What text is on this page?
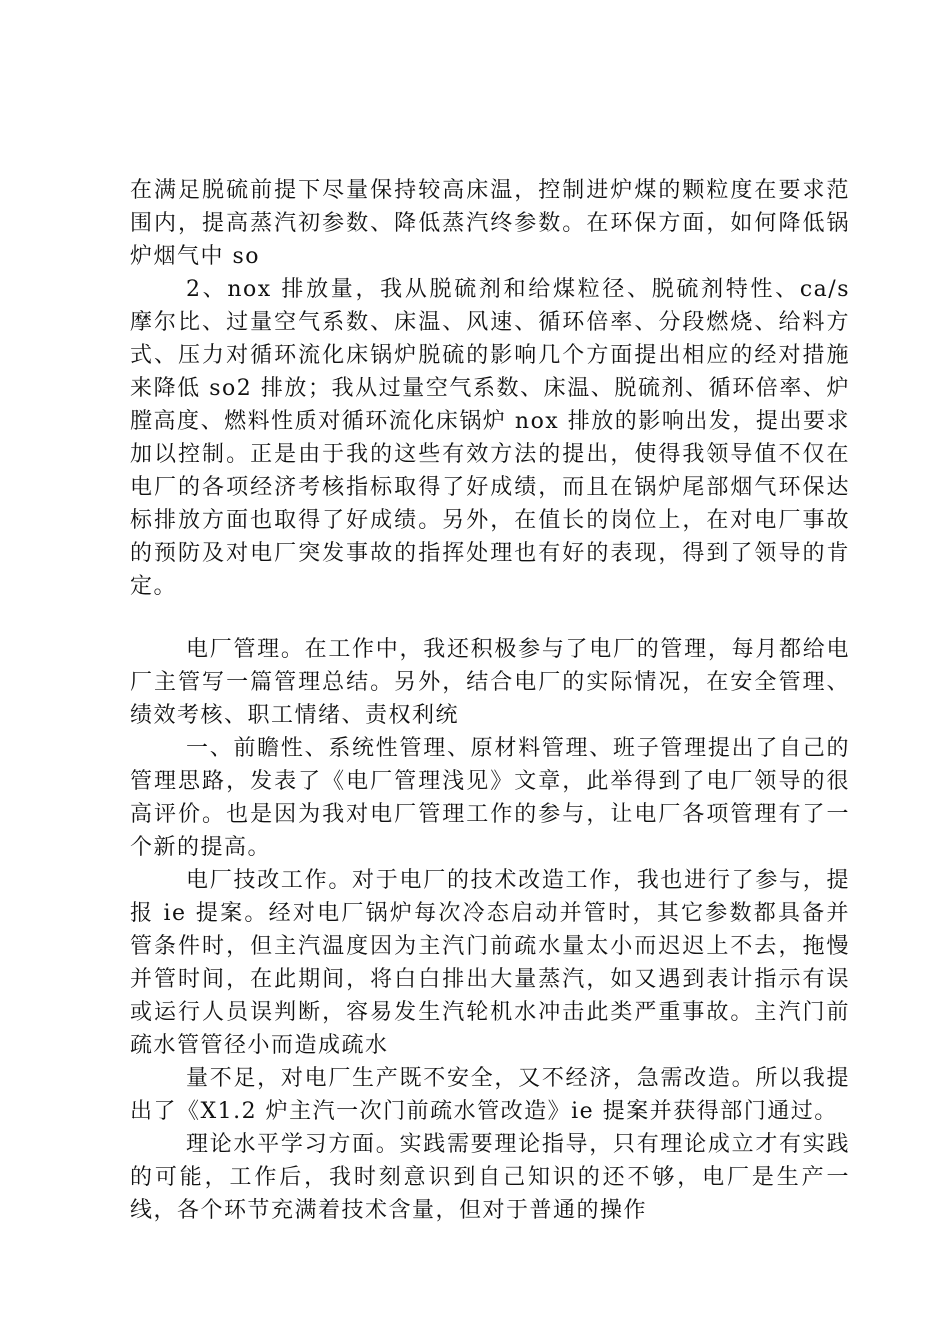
在满足脱硫前提下尽量保持较高床温，控制进炉煤的颗粒度在要求范围内，提高蒸汽初参数、降低蒸汽终参数。在环保方面，如何降低锅炉烟气中 so

2、nox 排放量，我从脱硫剂和给煤粒径、脱硫剂特性、ca/s 摩尔比、过量空气系数、床温、风速、循环倍率、分段燃烧、给料方式、压力对循环流化床锅炉脱硫的影响几个方面提出相应的经对措施来降低 so2 排放；我从过量空气系数、床温、脱硫剂、循环倍率、炉膛高度、燃料性质对循环流化床锅炉 nox 排放的影响出发，提出要求加以控制。正是由于我的这些有效方法的提出，使得我领导值不仅在电厂的各项经济考核指标取得了好成绩，而且在锅炉尾部烟气环保达标排放方面也取得了好成绩。另外，在值长的岗位上，在对电厂事故的预防及对电厂突发事故的指挥处理也有好的表现，得到了领导的肯定。

电厂管理。在工作中，我还积极参与了电厂的管理，每月都给电厂主管写一篇管理总结。另外，结合电厂的实际情况，在安全管理、绩效考核、职工情绪、责权利统

一、前瞻性、系统性管理、原材料管理、班子管理提出了自己的管理思路，发表了《电厂管理浅见》文章，此举得到了电厂领导的很高评价。也是因为我对电厂管理工作的参与，让电厂各项管理有了一个新的提高。

电厂技改工作。对于电厂的技术改造工作，我也进行了参与，提报 ie 提案。经对电厂锅炉每次冷态启动并管时，其它参数都具备并管条件时，但主汽温度因为主汽门前疏水量太小而迟迟上不去，拖慢并管时间，在此期间，将白白排出大量蒸汽，如又遇到表计指示有误或运行人员误判断，容易发生汽轮机水冲击此类严重事故。主汽门前疏水管管径小而造成疏水

量不足，对电厂生产既不安全，又不经济，急需改造。所以我提出了《X1.2 炉主汽一次门前疏水管改造》ie 提案并获得部门通过。

理论水平学习方面。实践需要理论指导，只有理论成立才有实践的可能，工作后，我时刻意识到自己知识的还不够，电厂是生产一线，各个环节充满着技术含量，但对于普通的操作
